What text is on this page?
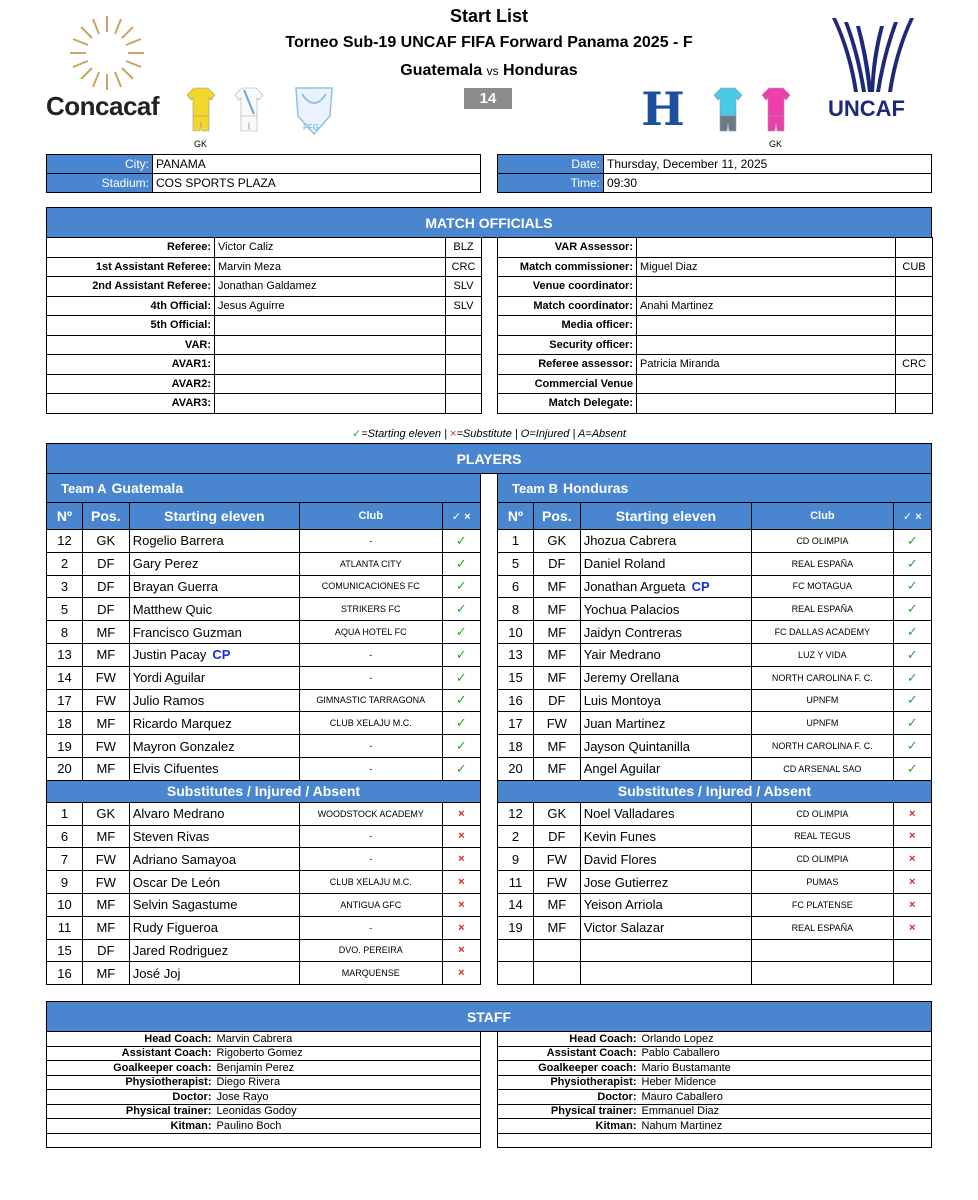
Start List
Torneo Sub-19 UNCAF FIFA Forward Panama 2025 - F
Guatemala vs Honduras
14
Concacaf
GK
FFG	H
GK
UNCAF
City:	PANAMA
Stadium:	COS SPORTS PLAZA
Date:	Thursday, December 11, 2025
Time:	09:30
MATCH OFFICIALS
Referee:	Victor Caliz	BLZ
1st Assistant Referee:	Marvin Meza	CRC
2nd Assistant Referee:	Jonathan Galdamez	SLV
4th Official:	Jesus Aguirre	SLV
5th Official:		
VAR:		
AVAR1:		
AVAR2:		
AVAR3:		
VAR Assessor:		
Match commissioner:	Miguel Diaz	CUB
Venue coordinator:		
Match coordinator:	Anahi Martinez	
Media officer:		
Security officer:		
Referee assessor:	Patricia Miranda	CRC
Commercial Venue		
Match Delegate:		
✓=Starting eleven | ×=Substitute | O=Injured | A=Absent
PLAYERS
Team A Guatemala				
Nº	Pos.	Starting eleven	Club	✓ ×
12	GK	Rogelio Barrera	-	✓
2	DF	Gary Perez	ATLANTA CITY	✓
3	DF	Brayan Guerra	COMUNICACIONES FC	✓
5	DF	Matthew Quic	STRIKERS FC	✓
8	MF	Francisco Guzman	AQUA HOTEL FC	✓
13	MF	Justin Pacay CP	-	✓
14	FW	Yordi Aguilar	-	✓
17	FW	Julio Ramos	GIMNASTIC TARRAGONA	✓
18	MF	Ricardo Marquez	CLUB XELAJU M.C.	✓
19	FW	Mayron Gonzalez	-	✓
20	MF	Elvis Cifuentes	-	✓
Substitutes / Injured / Absent				
1	GK	Alvaro Medrano	WOODSTOCK ACADEMY	×
6	MF	Steven Rivas	-	×
7	FW	Adriano Samayoa	-	×
9	FW	Oscar De León	CLUB XELAJU M.C.	×
10	MF	Selvin Sagastume	ANTIGUA GFC	×
11	MF	Rudy Figueroa	-	×
15	DF	Jared Rodriguez	DVO. PEREIRA	×
16	MF	José Joj	MARQUENSE	×
Team B Honduras				
Nº	Pos.	Starting eleven	Club	✓ ×
1	GK	Jhozua Cabrera	CD OLIMPIA	✓
5	DF	Daniel Roland	REAL ESPAÑA	✓
6	MF	Jonathan Argueta CP	FC MOTAGUA	✓
8	MF	Yochua Palacios	REAL ESPAÑA	✓
10	MF	Jaidyn Contreras	FC DALLAS ACADEMY	✓
13	MF	Yair Medrano	LUZ Y VIDA	✓
15	MF	Jeremy Orellana	NORTH CAROLINA F. C.	✓
16	DF	Luis Montoya	UPNFM	✓
17	FW	Juan Martinez	UPNFM	✓
18	MF	Jayson Quintanilla	NORTH CAROLINA F. C.	✓
20	MF	Angel Aguilar	CD ARSENAL SAO	✓
Substitutes / Injured / Absent				
12	GK	Noel Valladares	CD OLIMPIA	×
2	DF	Kevin Funes	REAL TEGUS	×
9	FW	David Flores	CD OLIMPIA	×
11	FW	Jose Gutierrez	PUMAS	×
14	MF	Yeison Arriola	FC PLATENSE	×
19	MF	Victor Salazar	REAL ESPAÑA	×

STAFF
Head Coach:	Marvin Cabrera
Assistant Coach:	Rigoberto Gomez
Goalkeeper coach:	Benjamin Perez
Physiotherapist:	Diego Rivera
Doctor:	Jose Rayo
Physical trainer:	Leonidas Godoy
Kitman:	Paulino Boch

Head Coach:	Orlando Lopez
Assistant Coach:	Pablo Caballero
Goalkeeper coach:	Mario Bustamante
Physiotherapist:	Heber Midence
Doctor:	Mauro Caballero
Physical trainer:	Emmanuel Diaz
Kitman:	Nahum Martinez
